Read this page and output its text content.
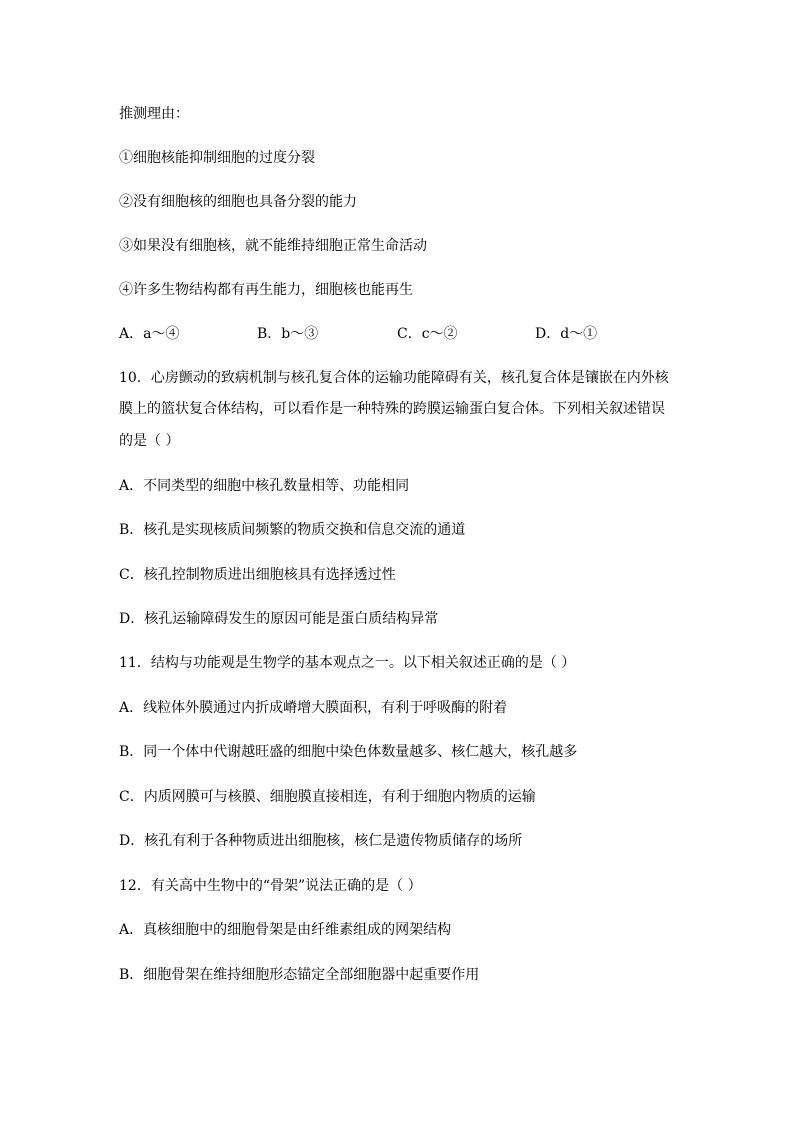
推测理由：
①细胞核能抑制细胞的过度分裂
②没有细胞核的细胞也具备分裂的能力
③如果没有细胞核，就不能维持细胞正常生命活动
④许多生物结构都有再生能力，细胞核也能再生
A．a～④	B．b～③	C．c～②	D．d～①
10．心房颤动的致病机制与核孔复合体的运输功能障碍有关，核孔复合体是镶嵌在内外核
膜上的篮状复合体结构，可以看作是一种特殊的跨膜运输蛋白复合体。下列相关叙述错误
的是（ ）
A．不同类型的细胞中核孔数量相等、功能相同
B．核孔是实现核质间频繁的物质交换和信息交流的通道
C．核孔控制物质进出细胞核具有选择透过性
D．核孔运输障碍发生的原因可能是蛋白质结构异常
11．结构与功能观是生物学的基本观点之一。以下相关叙述正确的是（ ）
A．线粒体外膜通过内折成嵴增大膜面积，有利于呼吸酶的附着
B．同一个体中代谢越旺盛的细胞中染色体数量越多、核仁越大，核孔越多
C．内质网膜可与核膜、细胞膜直接相连，有利于细胞内物质的运输
D．核孔有利于各种物质进出细胞核，核仁是遗传物质储存的场所
12．有关高中生物中的“骨架”说法正确的是（ ）
A．真核细胞中的细胞骨架是由纤维素组成的网架结构
B．细胞骨架在维持细胞形态锚定全部细胞器中起重要作用
